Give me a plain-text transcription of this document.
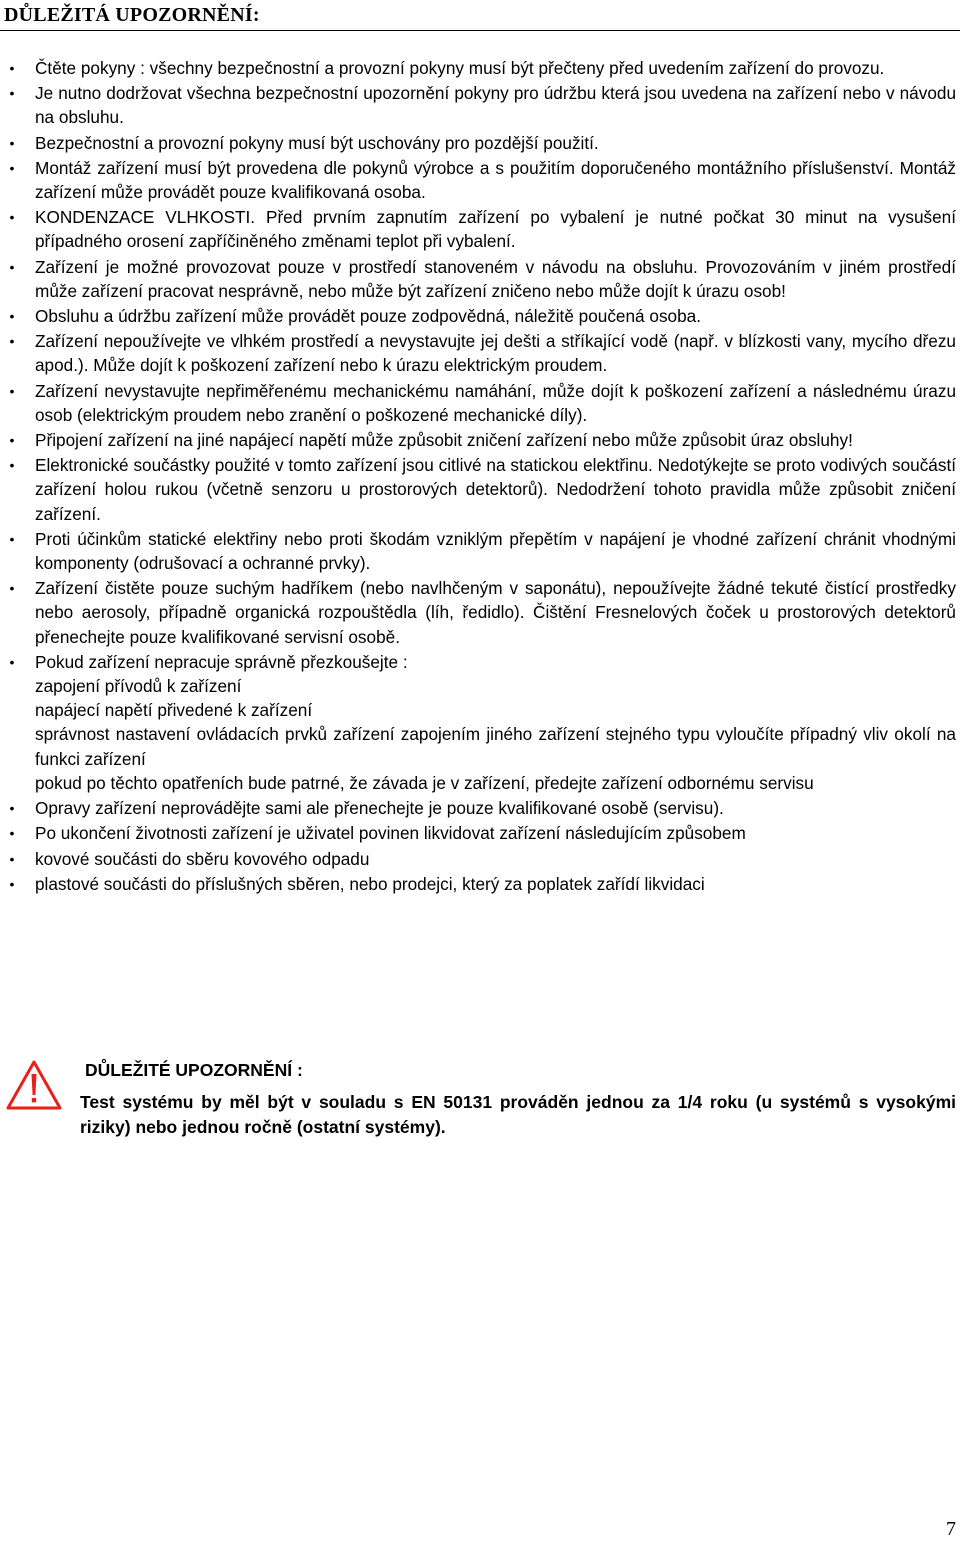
DŮLEŽITÁ UPOZORNĚNÍ:
• Čtěte pokyny : všechny bezpečnostní a provozní pokyny musí být přečteny před uvedením zařízení do provozu.
• Je nutno dodržovat všechna bezpečnostní upozornění pokyny pro údržbu která jsou uvedena na zařízení nebo v návodu na obsluhu.
• Bezpečnostní a provozní pokyny musí být uschovány pro pozdější použití.
• Montáž zařízení musí být provedena dle pokynů výrobce a s použitím doporučeného montážního příslušenství. Montáž zařízení může provádět pouze kvalifikovaná osoba.
• KONDENZACE VLHKOSTI. Před prvním zapnutím zařízení po vybalení je nutné počkat 30 minut na vysušení případného orosení zapříčiněného změnami teplot při vybalení.
• Zařízení je možné provozovat pouze v prostředí stanoveném v návodu na obsluhu. Provozováním v jiném prostředí může zařízení pracovat nesprávně, nebo může být zařízení zničeno nebo může dojít k úrazu osob!
• Obsluhu a údržbu zařízení může provádět pouze zodpovědná, náležitě poučená osoba.
• Zařízení nepoužívejte ve vlhkém prostředí a nevystavujte jej dešti a stříkající vodě (např. v blízkosti vany, mycího dřezu apod.). Může dojít k poškození zařízení nebo k úrazu elektrickým proudem.
• Zařízení nevystavujte nepřiměřenému mechanickému namáhání, může dojít k poškození zařízení a následnému úrazu osob (elektrickým proudem nebo zranění o poškozené mechanické díly).
• Připojení zařízení na jiné napájecí napětí může způsobit zničení zařízení nebo může způsobit úraz obsluhy!
• Elektronické součástky použité v tomto zařízení jsou citlivé na statickou elektřinu. Nedotýkejte se proto vodivých součástí zařízení holou rukou (včetně senzoru u prostorových detektorů). Nedodržení tohoto pravidla může způsobit zničení zařízení.
• Proti účinkům statické elektřiny nebo proti škodám vzniklým přepětím v napájení je vhodné zařízení chránit vhodnými komponenty (odrušovací a ochranné prvky).
• Zařízení čistěte pouze suchým hadříkem (nebo navlhčeným v saponátu), nepoužívejte žádné tekuté čistící prostředky nebo aerosoly, případně organická rozpouštědla (líh, ředidlo). Čištění Fresnelových čoček u prostorových detektorů přenechejte pouze kvalifikované servisní osobě.
• Pokud zařízení nepracuje správně přezkoušejte :
zapojení přívodů k zařízení
napájecí napětí přivedené k zařízení
správnost nastavení ovládacích prvků zařízení zapojením jiného zařízení stejného typu vyloučíte případný vliv okolí na funkci zařízení
pokud po těchto opatřeních bude patrné, že závada je v zařízení, předejte zařízení odbornému servisu
• Opravy zařízení neprovádějte sami ale přenechejte je pouze kvalifikované osobě (servisu).
• Po ukončení životnosti zařízení je uživatel povinen likvidovat zařízení následujícím způsobem
• kovové součásti do sběru kovového odpadu
• plastové součásti do příslušných sběren, nebo prodejci, který za poplatek zařídí likvidaci
DŮLEŽITÉ UPOZORNĚNÍ :
Test systému by měl být v souladu s EN 50131 prováděn jednou za 1/4 roku (u systémů s vysokými riziky) nebo jednou ročně (ostatní systémy).
7
